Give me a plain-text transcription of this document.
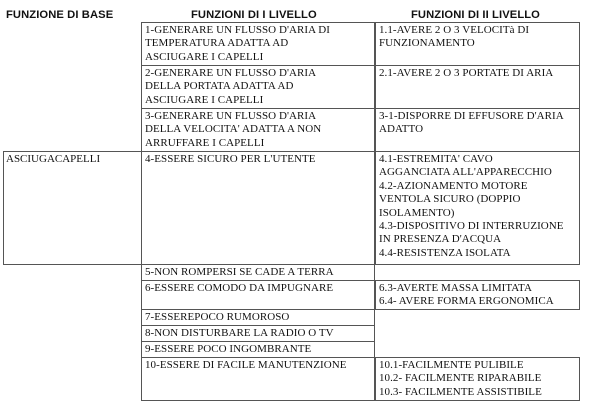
FUNZIONE DI BASE	FUNZIONI DI I LIVELLO	FUNZIONI DI II LIVELLO
ASCIUGACAPELLI
1-GENERARE UN FLUSSO D'ARIA DI
TEMPERATURA ADATTA AD
ASCIUGARE I CAPELLI
2-GENERARE UN FLUSSO D'ARIA
DELLA PORTATA ADATTA AD
ASCIUGARE I CAPELLI
3-GENERARE UN FLUSSO D'ARIA
DELLA VELOCITA' ADATTA A NON
ARRUFFARE I CAPELLI
4-ESSERE SICURO PER L'UTENTE
5-NON ROMPERSI SE CADE A TERRA
6-ESSERE COMODO DA IMPUGNARE
7-ESSEREPOCO RUMOROSO
8-NON DISTURBARE LA RADIO O TV
9-ESSERE POCO INGOMBRANTE
10-ESSERE DI FACILE MANUTENZIONE
1.1-AVERE 2 O 3 VELOCITà DI
FUNZIONAMENTO
2.1-AVERE 2 O 3 PORTATE DI ARIA
3-1-DISPORRE DI EFFUSORE D'ARIA
ADATTO
4.1-ESTREMITA' CAVO
AGGANCIATA ALL'APPARECCHIO
4.2-AZIONAMENTO MOTORE
VENTOLA SICURO (DOPPIO
ISOLAMENTO)
4.3-DISPOSITIVO DI INTERRUZIONE
IN PRESENZA D'ACQUA
4.4-RESISTENZA ISOLATA
6.3-AVERTE MASSA LIMITATA
6.4- AVERE FORMA ERGONOMICA
10.1-FACILMENTE PULIBILE
10.2- FACILMENTE RIPARABILE
10.3- FACILMENTE ASSISTIBILE
